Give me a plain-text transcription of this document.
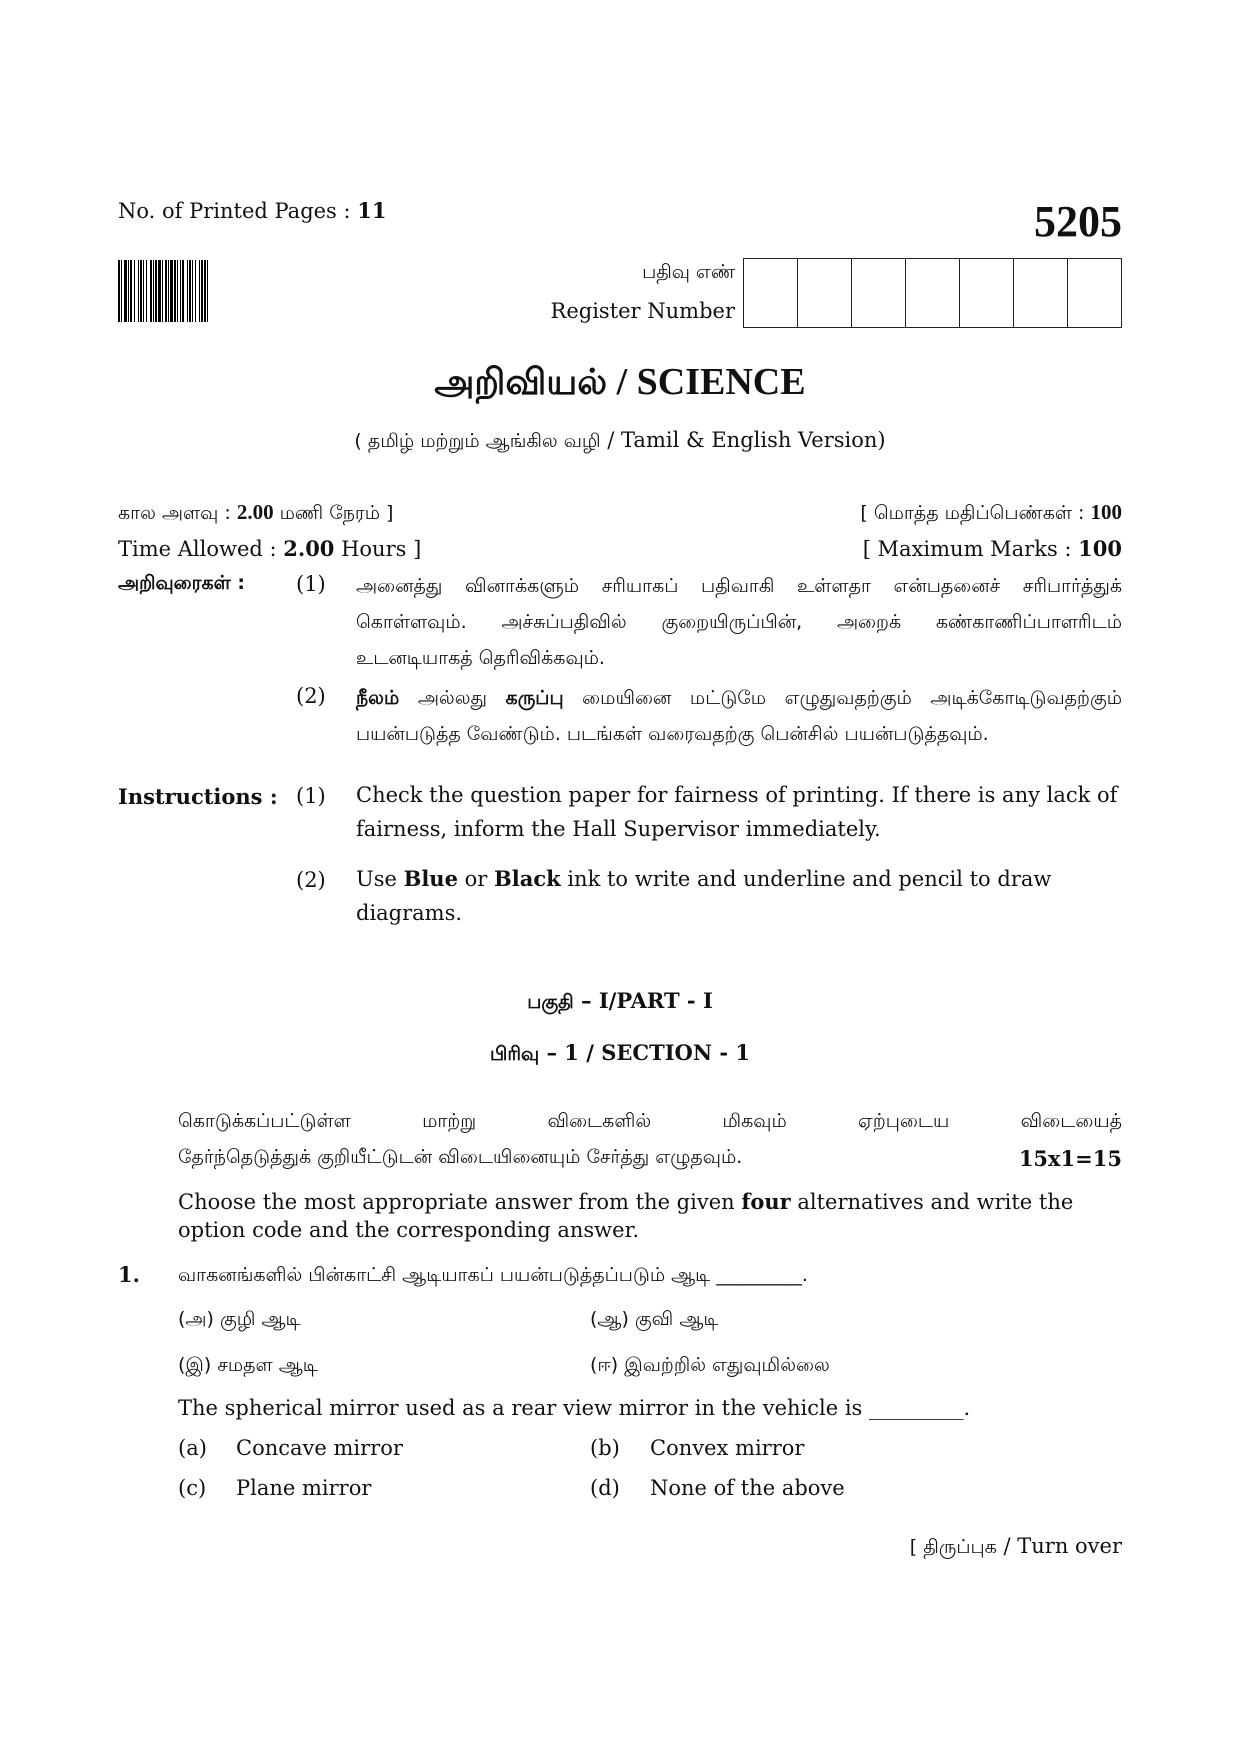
No. of Printed Pages : 11	5205
பதிவு எண்
Register Number
அறிவியல் / SCIENCE
( தமிழ் மற்றும் ஆங்கில வழி / Tamil & English Version)
கால அளவு : 2.00 மணி நேரம் ]	[ மொத்த மதிப்பெண்கள் : 100
Time Allowed : 2.00 Hours ]	[ Maximum Marks : 100
அறிவுரைகள் : (1) அனைத்து வினாக்களும் சரியாகப் பதிவாகி உள்ளதா என்பதனைச் சரிபார்த்துக் கொள்ளவும். அச்சுப்பதிவில் குறையிருப்பின், அறைக் கண்காணிப்பாளரிடம் உடனடியாகத் தெரிவிக்கவும்.
(2) நீலம் அல்லது கருப்பு மையினை மட்டுமே எழுதுவதற்கும் அடிக்கோடிடுவதற்கும் பயன்படுத்த வேண்டும். படங்கள் வரைவதற்கு பென்சில் பயன்படுத்தவும்.
Instructions : (1) Check the question paper for fairness of printing. If there is any lack of fairness, inform the Hall Supervisor immediately.
(2) Use Blue or Black ink to write and underline and pencil to draw diagrams.
பகுதி – I/PART - I
பிரிவு – 1 / SECTION - 1
கொடுக்கப்பட்டுள்ள மாற்று விடைகளில் மிகவும் ஏற்புடைய விடையைத்
தேர்ந்தெடுத்துக் குறியீட்டுடன் விடையினையும் சேர்த்து எழுதவும்.	15x1=15
Choose the most appropriate answer from the given four alternatives and write the option code and the corresponding answer.
1. வாகனங்களில் பின்காட்சி ஆடியாகப் பயன்படுத்தப்படும் ஆடி _________.
(அ) குழி ஆடி	(ஆ) குவி ஆடி
(இ) சமதள ஆடி	(ஈ) இவற்றில் எதுவுமில்லை
The spherical mirror used as a rear view mirror in the vehicle is _________.
(a) Concave mirror	(b) Convex mirror
(c) Plane mirror	(d) None of the above
[ திருப்புக / Turn over
